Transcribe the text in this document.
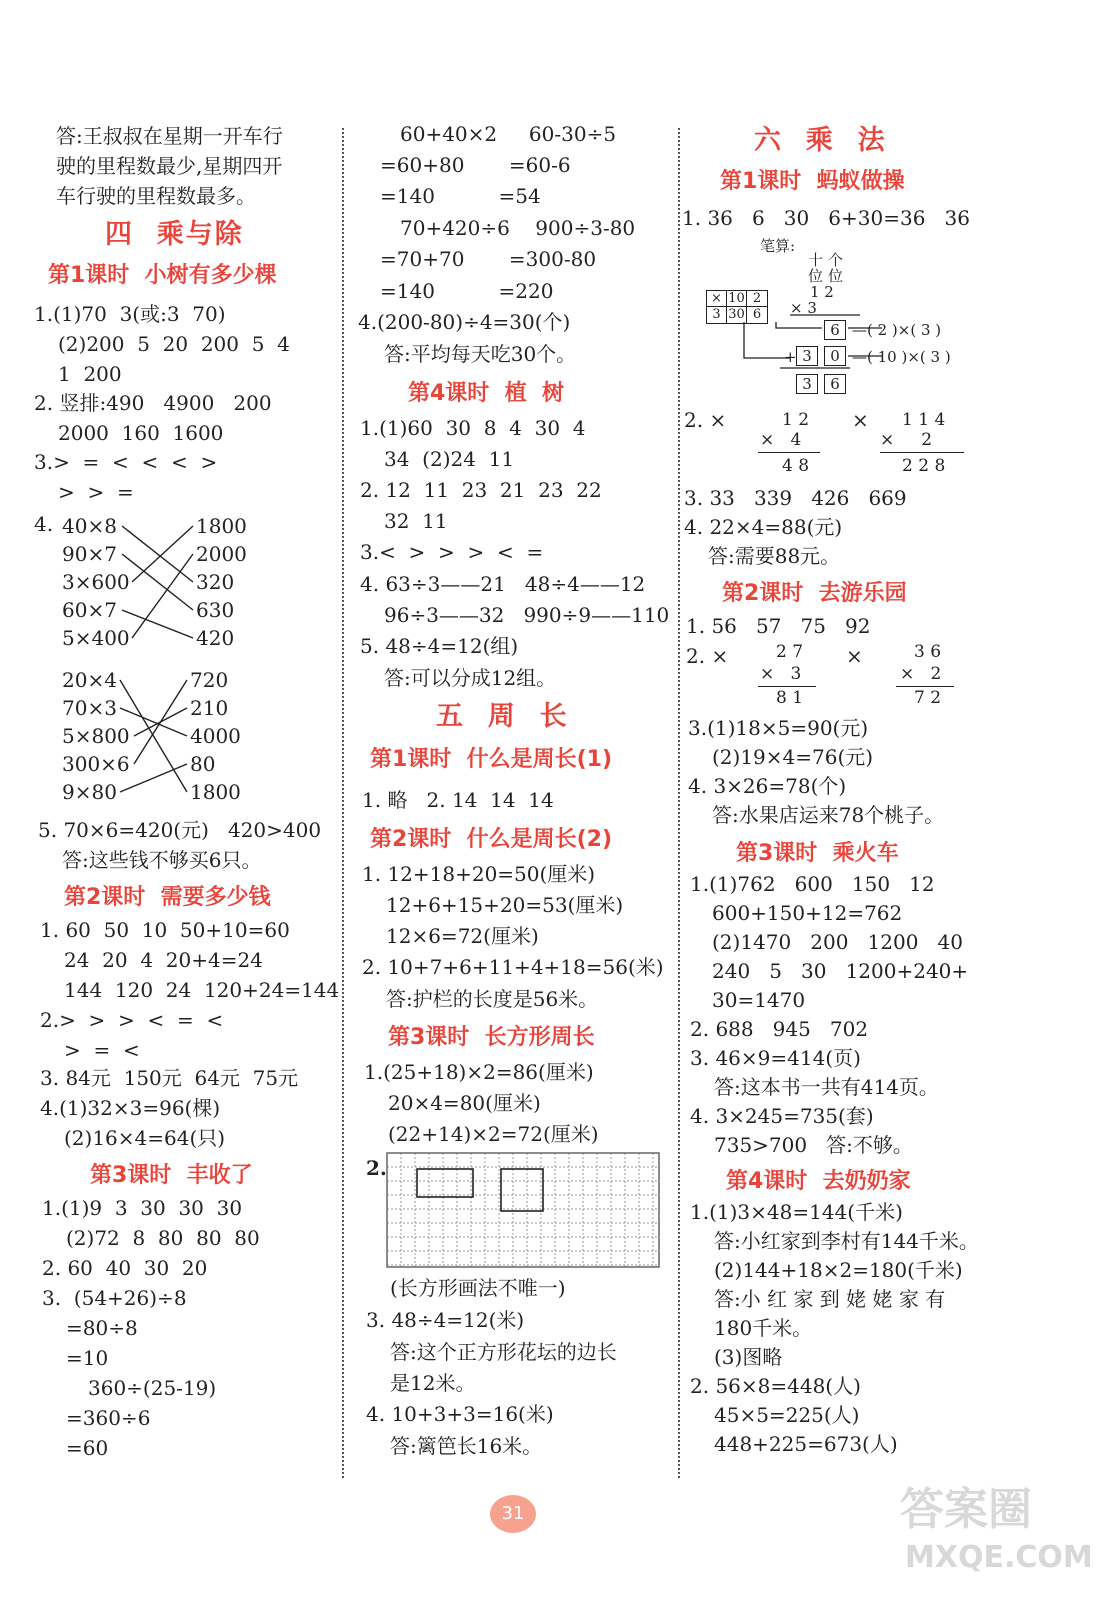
答:王叔叔在星期一开车行
驶的里程数最少,星期四开
车行驶的里程数最多。
四  乘与除
第1课时  小树有多少棵
1.(1)70  3(或:3  70)
(2)200  5  20  200  5  4
1  200
2. 竖排:490   4900   200
2000  160  1600
3.>  =  <  <  <  >
>  >  =
4. 40×8
90×7
3×600
60×7
5×400
1800
2000
320
630
420
20×4
70×3
5×800
300×6
9×80
720
210
4000
80
1800
5. 70×6=420(元)   420>400
答:这些钱不够买6只。
第2课时  需要多少钱
1. 60  50  10  50+10=60
24  20  4  20+4=24
144  120  24  120+24=144
2.>  >  >  <  =  <
>  =  <
3. 84元  150元  64元  75元
4.(1)32×3=96(棵)
(2)16×4=64(只)
第3课时  丰收了
1.(1)9  3  30  30  30
(2)72  8  80  80  80
2. 60  40  30  20
3.  (54+26)÷8
=80÷8
=10
360÷(25-19)
=360÷6
=60
60+40×2     60-30÷5
=60+80       =60-6
=140          =54
70+420÷6    900÷3-80
=70+70       =300-80
=140          =220
4.(200-80)÷4=30(个)
答:平均每天吃30个。
第4课时  植  树
1.(1)60  30  8  4  30  4
34  (2)24  11
2. 12  11  23  21  23  22
32  11
3.<  >  >  >  <  =
4. 63÷3——21   48÷4——12
96÷3——32   990÷9——110
5. 48÷4=12(组)
答:可以分成12组。
五  周  长
第1课时  什么是周长(1)
1. 略   2. 14  14  14
第2课时  什么是周长(2)
1. 12+18+20=50(厘米)
12+6+15+20=53(厘米)
12×6=72(厘米)
2. 10+7+6+11+4+18=56(米)
答:护栏的长度是56米。
第3课时  长方形周长
1.(25+18)×2=86(厘米)
20×4=80(厘米)
(22+14)×2=72(厘米)
2.
(长方形画法不唯一)
3. 48÷4=12(米)
答:这个正方形花坛的边长
是12米。
4. 10+3+3=16(米)
答:篱笆长16米。
六  乘  法
第1课时  蚂蚁做操
1. 36   6   30   6+30=36   36
笔算:
十 个
位 位
1 2
× 3
× 10 2
3 30 6
6
+ 3	0
3	6
—( 2 )×( 3 )
—( 10 )×( 3 )
2. ×	1 2
×   4
4 8
× 1 1 4
×     2
2 2 8
3. 33   339   426   669
4. 22×4=88(元)
答:需要88元。
第2课时  去游乐园
1. 56   57   75   92
2. ×	2 7
×   3
8 1
×	3 6
×   2
7 2
3.(1)18×5=90(元)
(2)19×4=76(元)
4. 3×26=78(个)
答:水果店运来78个桃子。
第3课时  乘火车
1.(1)762   600   150   12
600+150+12=762
(2)1470   200   1200   40
240   5   30   1200+240+
30=1470
2. 688   945   702
3. 46×9=414(页)
答:这本书一共有414页。
4. 3×245=735(套)
735>700   答:不够。
第4课时  去奶奶家
1.(1)3×48=144(千米)
答:小红家到李村有144千米。
(2)144+18×2=180(千米)
答:小 红 家 到 姥 姥 家 有
180千米。
(3)图略
2. 56×8=448(人)
45×5=225(人)
448+225=673(人)
31	答案圈
MXQE.COM
